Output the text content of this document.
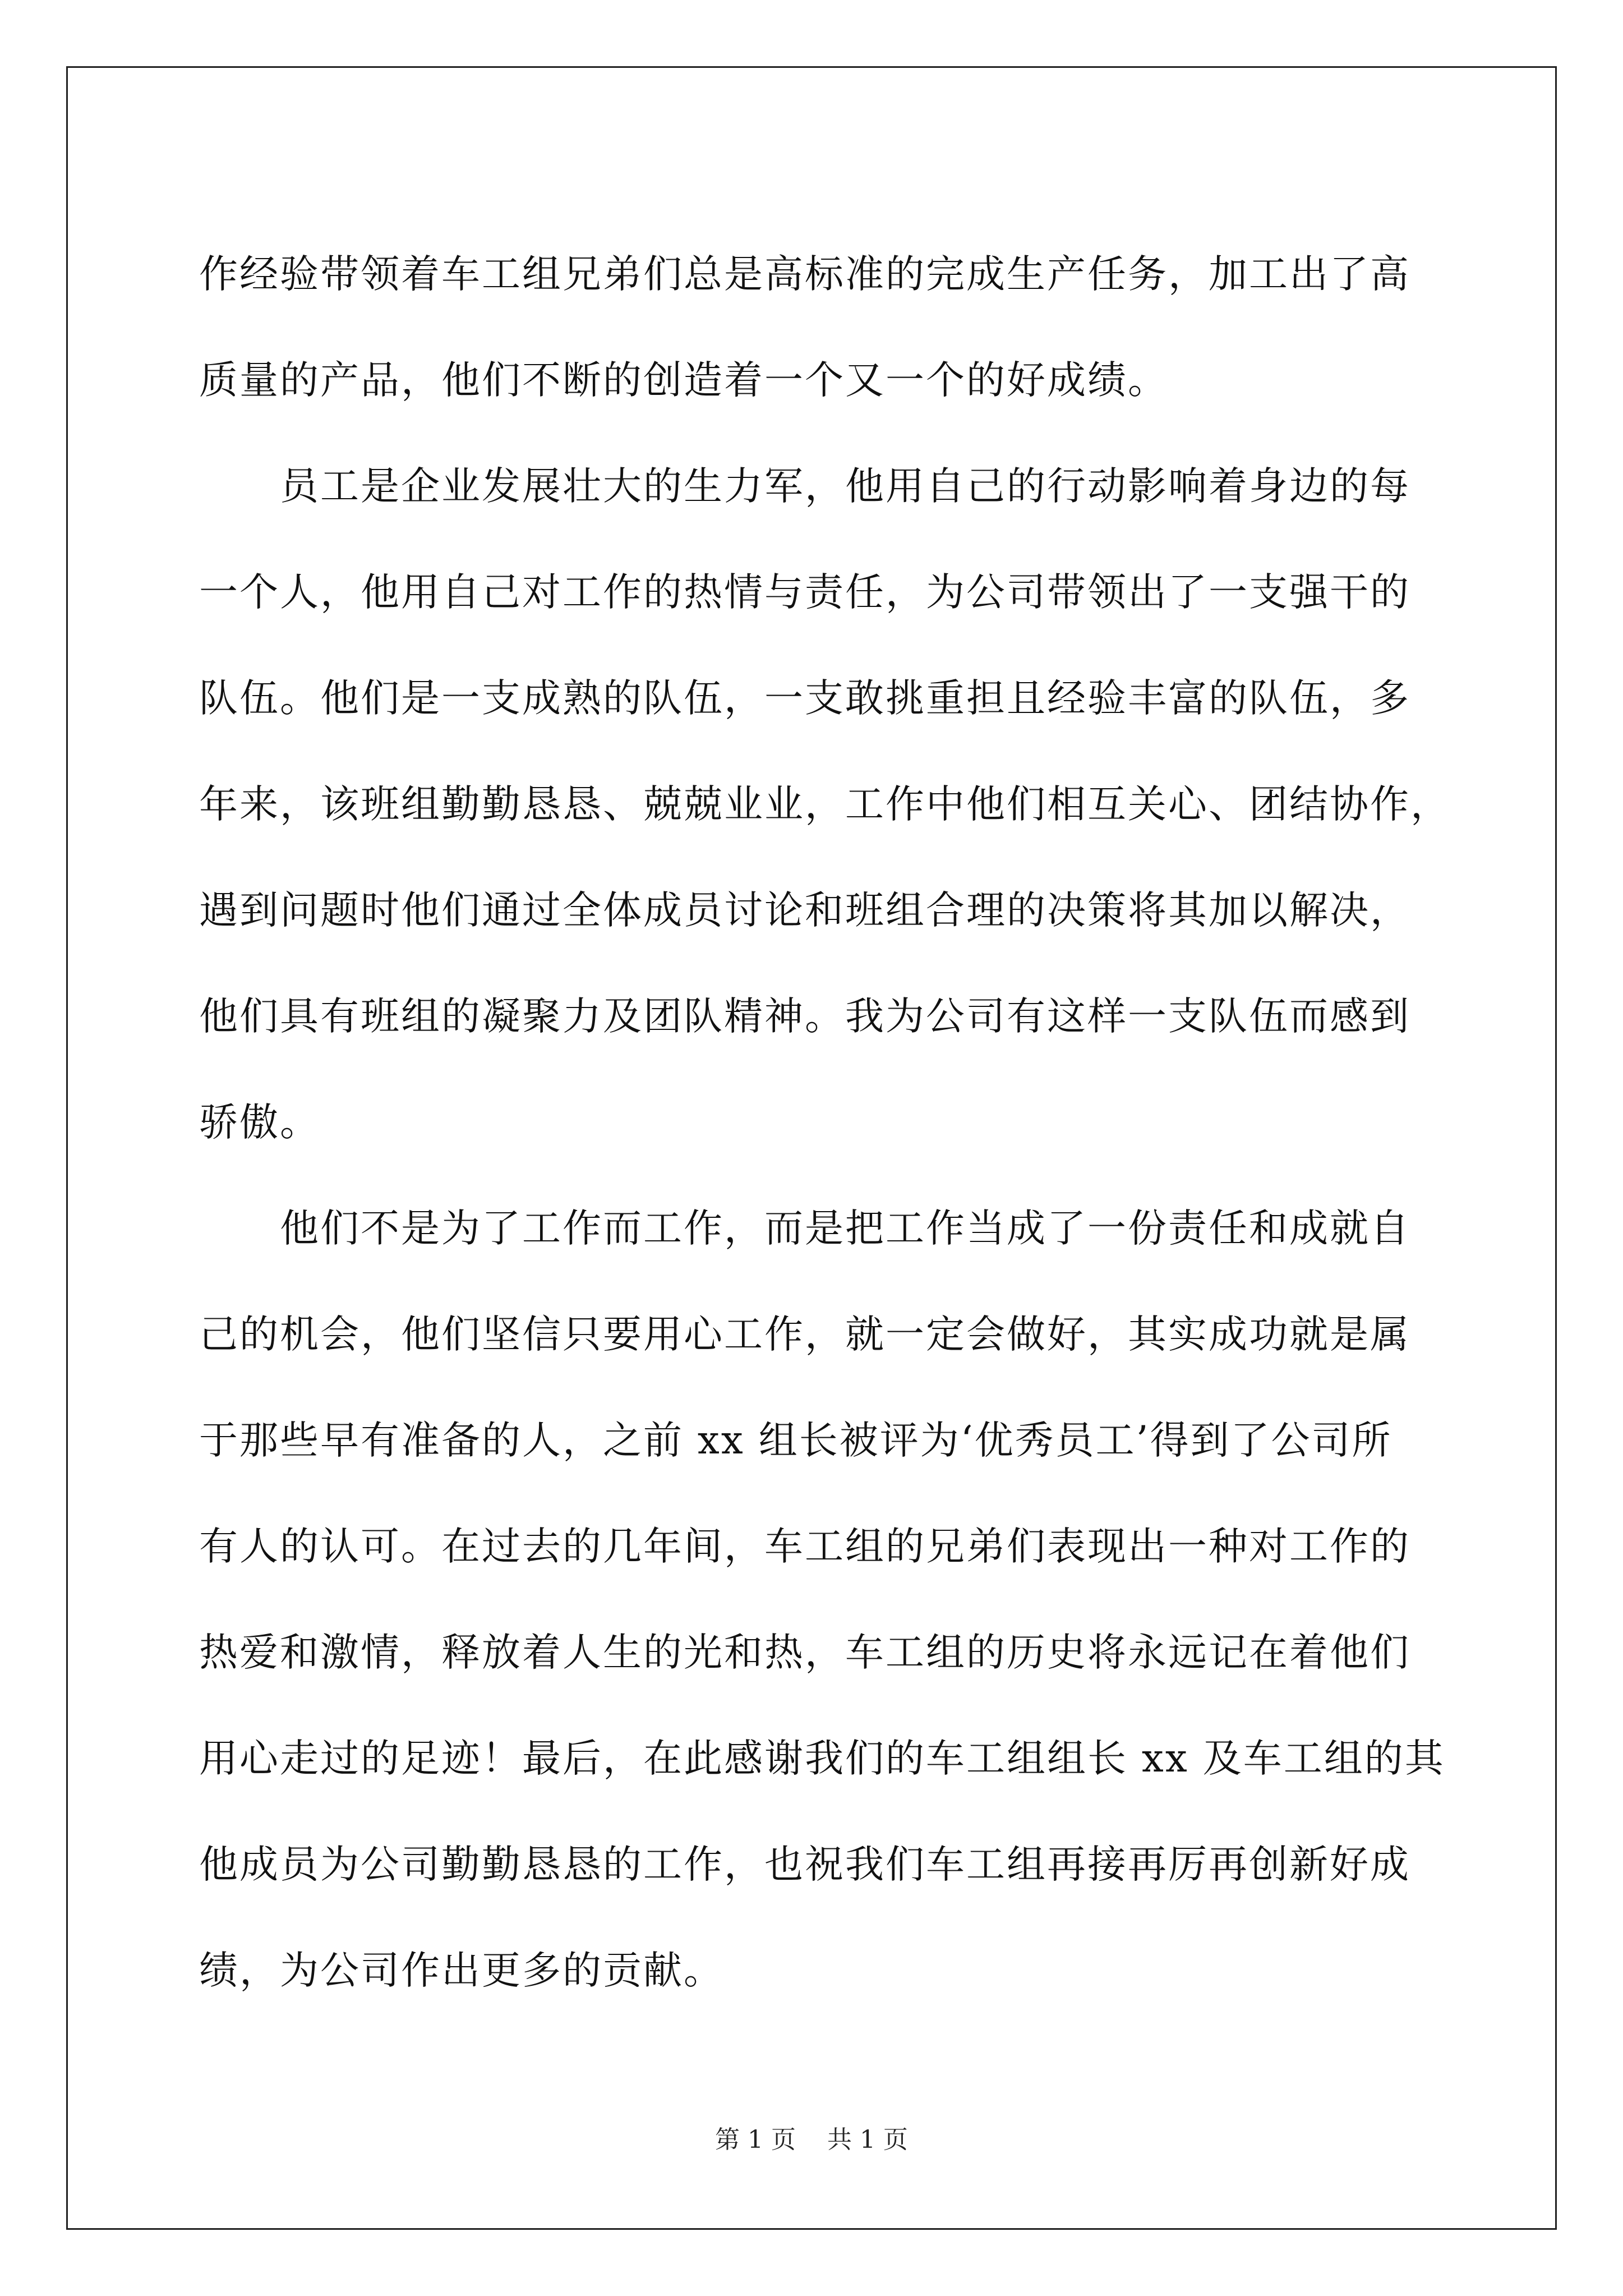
作经验带领着车工组兄弟们总是高标准的完成生产任务，加工出了高
质量的产品，他们不断的创造着一个又一个的好成绩。
员工是企业发展壮大的生力军，他用自己的行动影响着身边的每
一个人，他用自己对工作的热情与责任，为公司带领出了一支强干的
队伍。他们是一支成熟的队伍，一支敢挑重担且经验丰富的队伍，多
年来，该班组勤勤恳恳、兢兢业业，工作中他们相互关心、团结协作，
遇到问题时他们通过全体成员讨论和班组合理的决策将其加以解决，
他们具有班组的凝聚力及团队精神。我为公司有这样一支队伍而感到
骄傲。
他们不是为了工作而工作，而是把工作当成了一份责任和成就自
己的机会，他们坚信只要用心工作，就一定会做好，其实成功就是属
于那些早有准备的人，之前 xx 组长被评为‘优秀员工’得到了公司所
有人的认可。在过去的几年间，车工组的兄弟们表现出一种对工作的
热爱和激情，释放着人生的光和热，车工组的历史将永远记在着他们
用心走过的足迹！最后，在此感谢我们的车工组组长 xx 及车工组的其
他成员为公司勤勤恳恳的工作，也祝我们车工组再接再厉再创新好成
绩，为公司作出更多的贡献。
第 1 页    共 1 页
